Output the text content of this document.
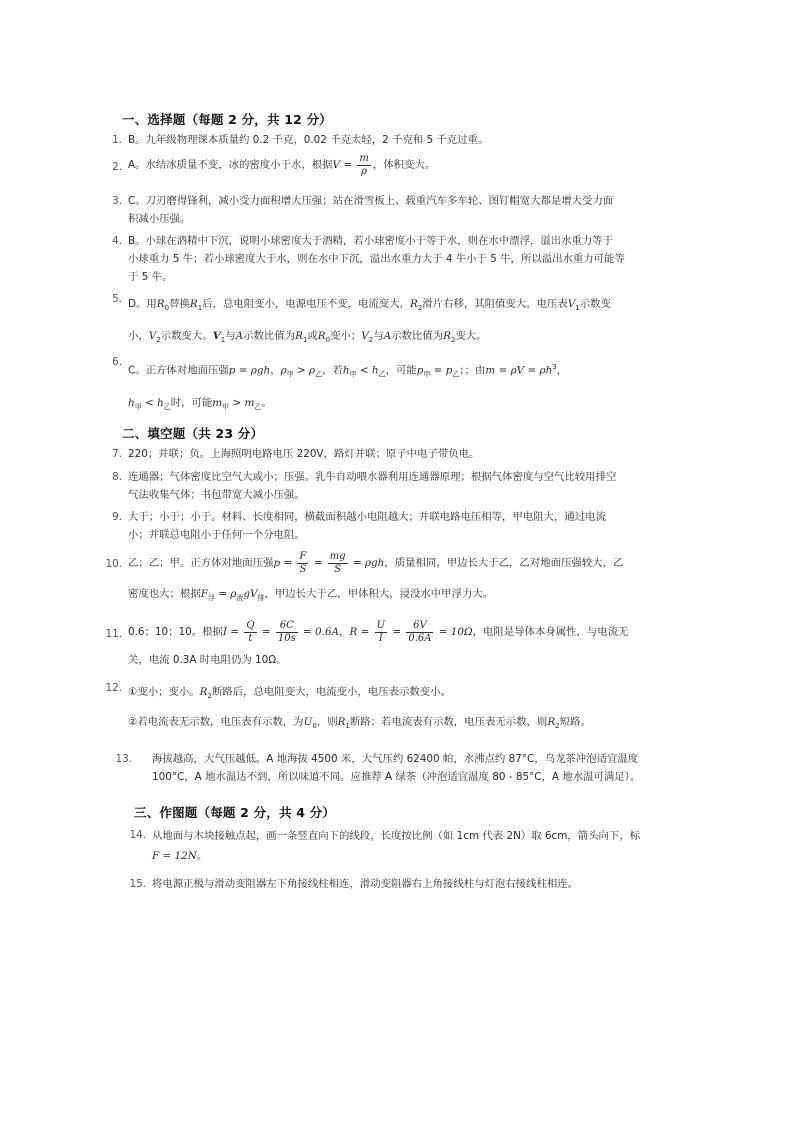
一、选择题（每题 2 分，共 12 分）
1. B。九年级物理课本质量约 0.2 千克，0.02 千克太轻，2 千克和 5 千克过重。
2. A。水结冰质量不变，冰的密度小于水，根据$V = \frac{m}{\rho}$ ，体积变大。
3. C。刀刃磨得锋利，减小受力面积增大压强；站在滑雪板上、载重汽车多车轮、图钉帽宽大都是增大受力面
积减小压强。
4. B。小球在酒精中下沉，说明小球密度大于酒精，若小球密度小于等于水，则在水中漂浮，溢出水重力等于
小球重力 5 牛；若小球密度大于水，则在水中下沉，溢出水重力大于 4 牛小于 5 牛，所以溢出水重力可能等
于 5 牛。
5. D。用$R_0$替换$R_1$后，总电阻变小，电源电压不变，电流变大，$R_2$滑片右移，其阻值变大。电压表$V_1$示数变
小，$V_2$示数变大。$V_1$与A示数比值为$R_1$或$R_0$变小；$V_2$与A示数比值为$R_2$变大。
6.
C。正方体对地面压强p = ρgh，$\rho_甲 > \rho_乙$，若$h_甲 < h_乙$，可能$p_甲 = p_乙$；；由$m = \rho V = \rho h^3$，
$h_甲 < h_乙$时，可能$m_甲 > m_乙$。
二、填空题（共 23 分）
7. 220；并联；负。上海照明电路电压 220V，路灯并联；原子中电子带负电。
8. 连通器；气体密度比空气大或小；压强。乳牛自动喂水器利用连通器原理；根据气体密度与空气比较用排空
气法收集气体；书包带宽大减小压强。
9. 大于；小于；小于。材料、长度相同，横截面积越小电阻越大；并联电路电压相等，甲电阻大，通过电流
小；并联总电阻小于任何一个分电阻。
10. 乙；乙；甲。正方体对地面压强$p = \frac{F}{S} = \frac{mg}{S} = \rho gh$，质量相同，甲边长大于乙，乙对地面压强较大，乙
密度也大；根据$F_浮 = \rho_液gV_排$，甲边长大于乙，甲体积大，浸没水中甲浮力大。
11. 0.6；10；10。根据$I = \frac{Q}{t} = \frac{6C}{10s} = 0.6A$，$R = \frac{U}{I} = \frac{6V}{0.6A} = 10\Omega$，电阻是导体本身属性，与电流无
关，电流 0.3A 时电阻仍为 10Ω。
12. ①变小；变小。$R_2$断路后，总电阻变大，电流变小，电压表示数变小。
②若电流表无示数，电压表有示数，为$U_0$，则$R_1$断路；若电流表有示数，电压表无示数，则$R_2$短路。
13. 海拔越高，大气压越低。A 地海拔 4500 米，大气压约 62400 帕，水沸点约 87°C，乌龙茶冲泡适宜温度
100°C，A 地水温达不到，所以味道不同。应推荐 A 绿茶（冲泡适宜温度 80 - 85°C，A 地水温可满足）。
三、作图题（每题 2 分，共 4 分）
14. 从地面与木块接触点起，画一条竖直向下的线段，长度按比例（如 1cm 代表 2N）取 6cm，箭头向下，标
F = 12N。
15. 将电源正极与滑动变阻器左下角接线柱相连，滑动变阻器右上角接线柱与灯泡右接线柱相连。
